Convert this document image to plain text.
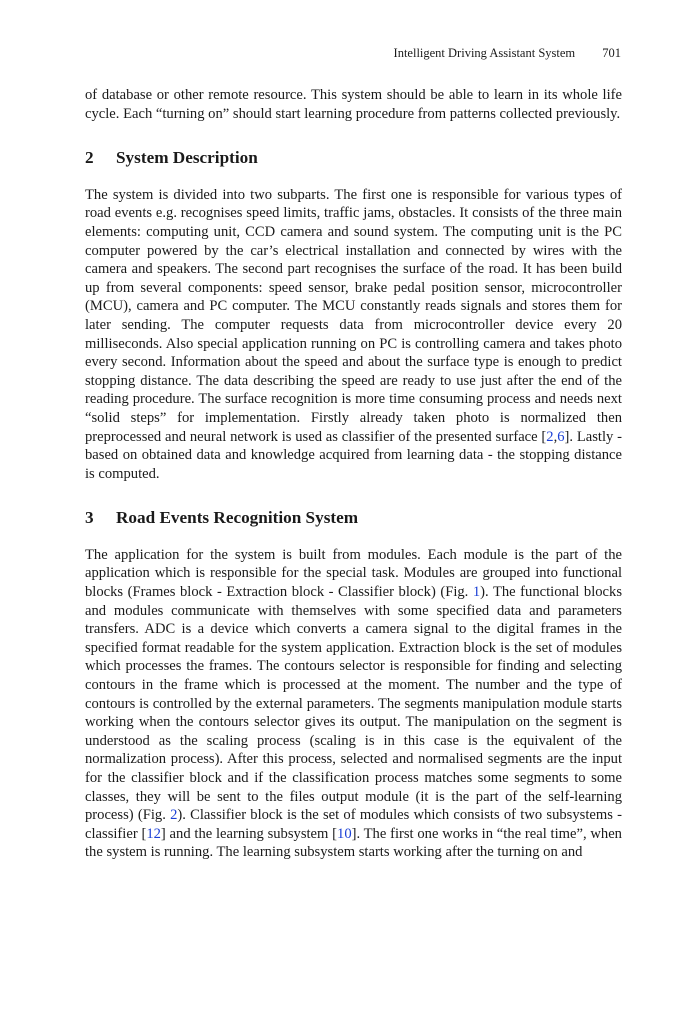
Intelligent Driving Assistant System 701

of database or other remote resource. This system should be able to learn in its whole life cycle. Each “turning on” should start learning procedure from patterns collected previously.

2 System Description

The system is divided into two subparts. The first one is responsible for various types of road events e.g. recognises speed limits, traffic jams, obstacles. It consists of the three main elements: computing unit, CCD camera and sound system. The computing unit is the PC computer powered by the car’s electrical installation and connected by wires with the camera and speakers. The second part recognises the surface of the road. It has been build up from several components: speed sensor, brake pedal position sensor, microcontroller (MCU), camera and PC computer. The MCU constantly reads signals and stores them for later sending. The computer requests data from microcontroller device every 20 milliseconds. Also special application running on PC is controlling camera and takes photo every second. Information about the speed and about the surface type is enough to predict stopping distance. The data describing the speed are ready to use just after the end of the reading procedure. The surface recognition is more time consuming process and needs next “solid steps” for implementation. Firstly already taken photo is normalized then preprocessed and neural network is used as classifier of the presented surface [2,6]. Lastly - based on obtained data and knowledge acquired from learning data - the stopping distance is computed.

3 Road Events Recognition System

The application for the system is built from modules. Each module is the part of the application which is responsible for the special task. Modules are grouped into functional blocks (Frames block - Extraction block - Classifier block) (Fig. 1). The functional blocks and modules communicate with themselves with some specified data and parameters transfers. ADC is a device which converts a camera signal to the digital frames in the specified format readable for the system application. Extraction block is the set of modules which processes the frames. The contours selector is responsible for finding and selecting contours in the frame which is processed at the moment. The number and the type of contours is controlled by the external parameters. The segments manipulation module starts working when the contours selector gives its output. The manipulation on the segment is understood as the scaling process (scaling is in this case is the equivalent of the normalization process). After this process, selected and normalised segments are the input for the classifier block and if the classification process matches some segments to some classes, they will be sent to the files output module (it is the part of the self-learning process) (Fig. 2). Classifier block is the set of modules which consists of two subsystems - classifier [12] and the learning subsystem [10]. The first one works in “the real time”, when the system is running. The learning subsystem starts working after the turning on and
